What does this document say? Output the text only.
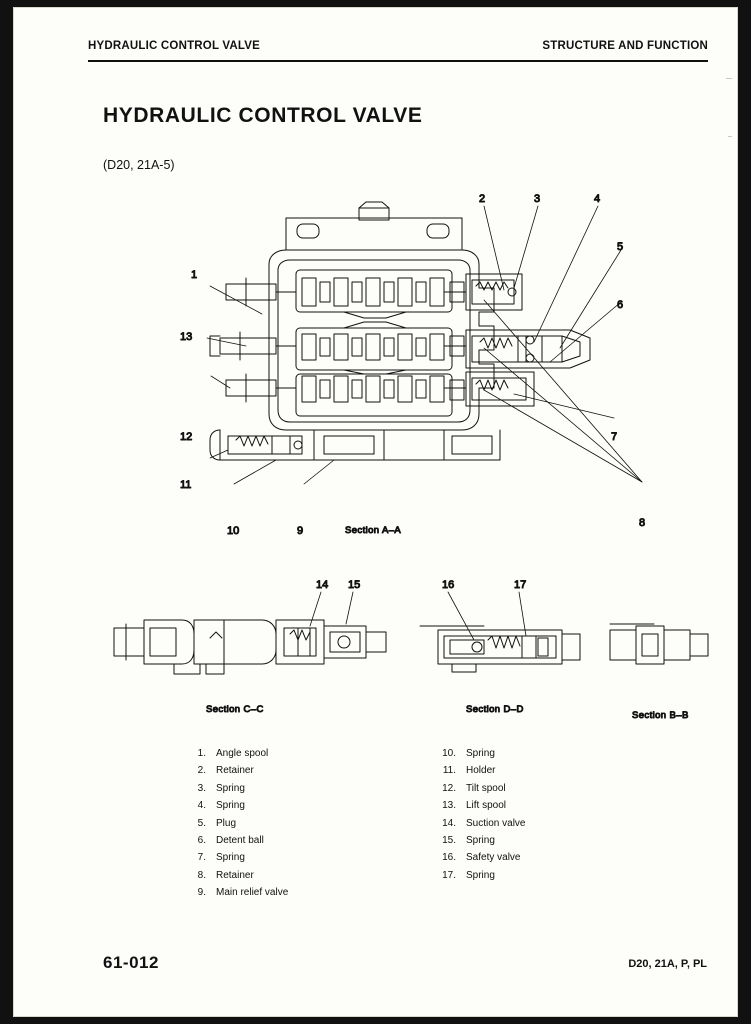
HYDRAULIC CONTROL VALVE	STRUCTURE AND FUNCTION
HYDRAULIC CONTROL VALVE
(D20, 21A-5)
1
2	3	4
5
6
7
8
9
10
11
12
13
Section A–A
14 15
Section C–C
16	17
Section D–D
Section B–B
1. Angle spool
2. Retainer
3. Spring
4. Spring
5. Plug
6. Detent ball
7. Spring
8. Retainer
9. Main relief valve
10. Spring
11. Holder
12. Tilt spool
13. Lift spool
14. Suction valve
15. Spring
16. Safety valve
17. Spring
61-012	D20, 21A, P, PL
